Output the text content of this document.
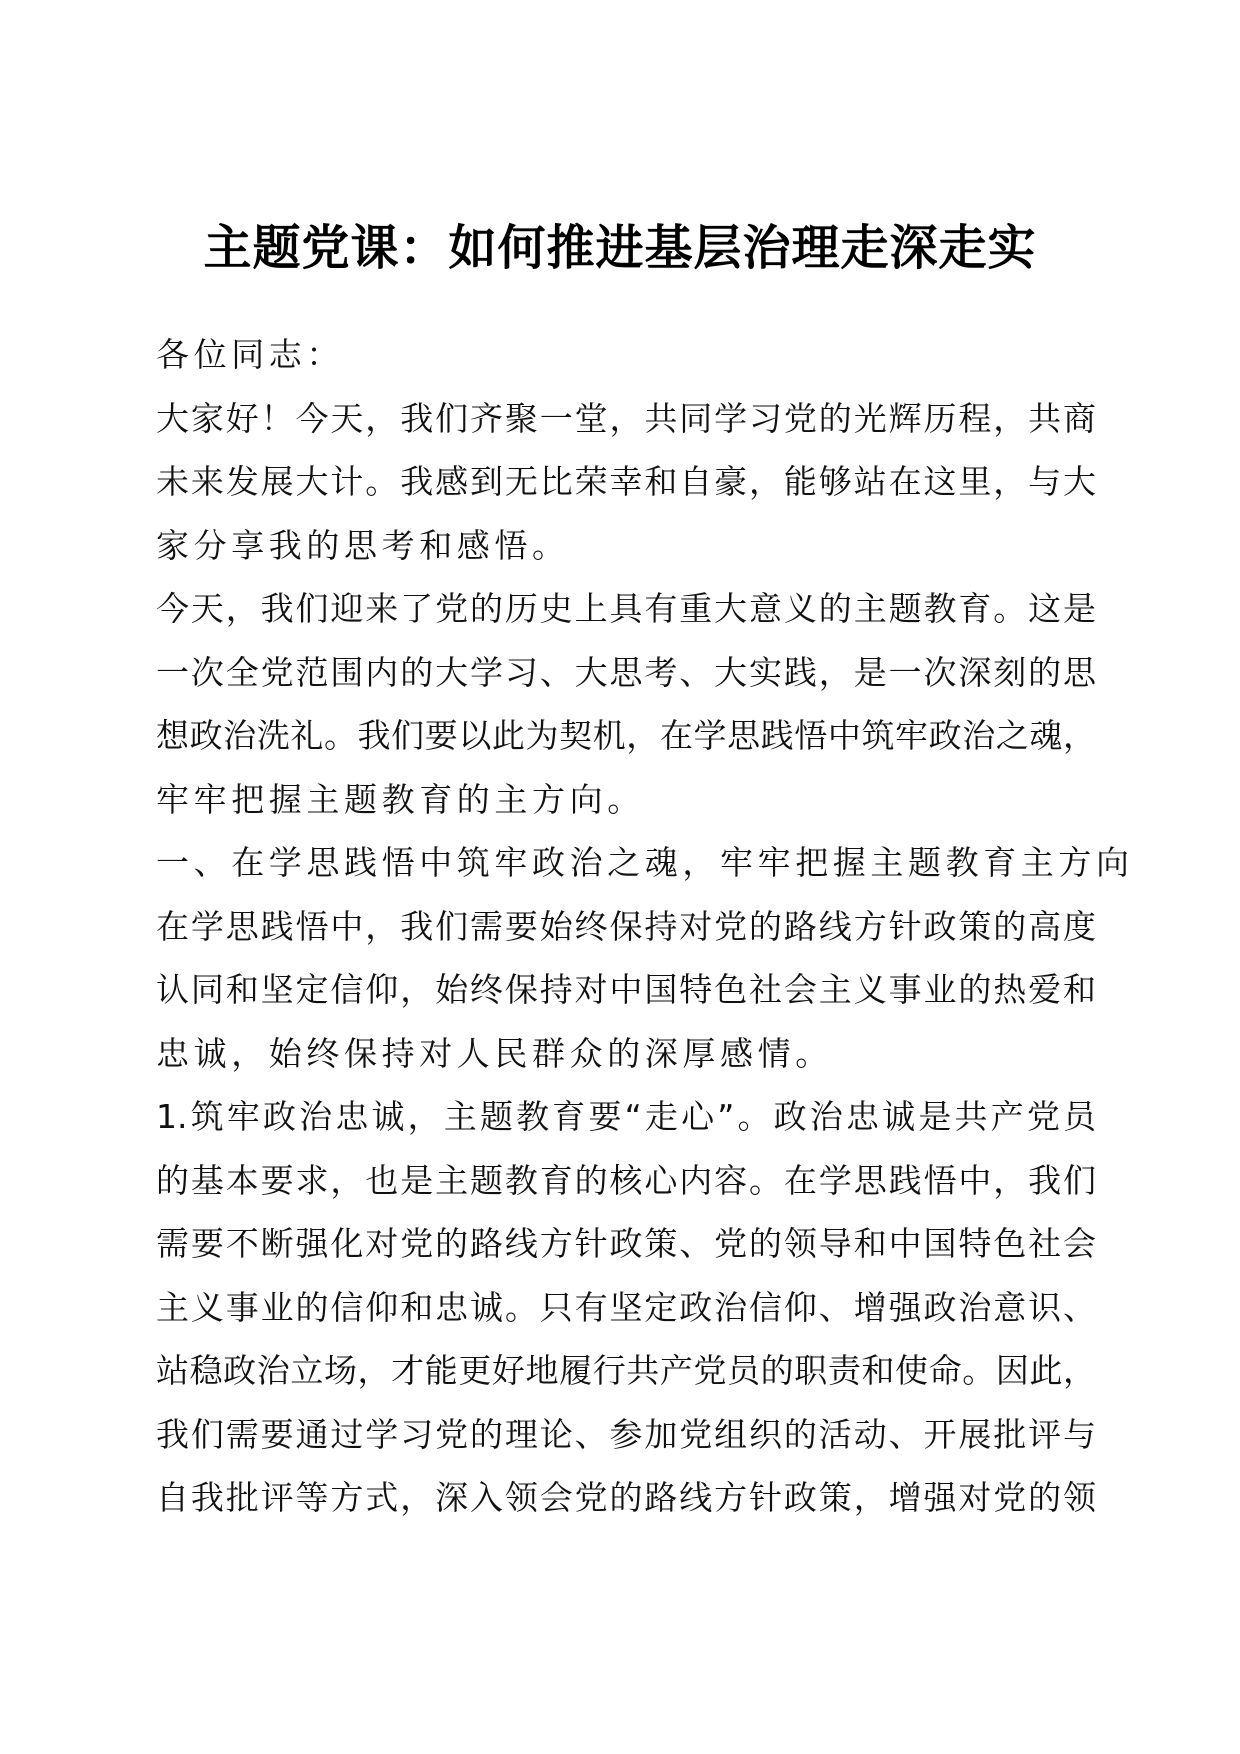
主题党课：如何推进基层治理走深走实
各位同志：
大家好！今天，我们齐聚一堂，共同学习党的光辉历程，共商
未来发展大计。我感到无比荣幸和自豪，能够站在这里，与大
家分享我的思考和感悟。
今天，我们迎来了党的历史上具有重大意义的主题教育。这是
一次全党范围内的大学习、大思考、大实践，是一次深刻的思
想政治洗礼。我们要以此为契机，在学思践悟中筑牢政治之魂，
牢牢把握主题教育的主方向。
一、在学思践悟中筑牢政治之魂，牢牢把握主题教育主方向
在学思践悟中，我们需要始终保持对党的路线方针政策的高度
认同和坚定信仰，始终保持对中国特色社会主义事业的热爱和
忠诚，始终保持对人民群众的深厚感情。
1.筑牢政治忠诚，主题教育要“走心”。政治忠诚是共产党员
的基本要求，也是主题教育的核心内容。在学思践悟中，我们
需要不断强化对党的路线方针政策、党的领导和中国特色社会
主义事业的信仰和忠诚。只有坚定政治信仰、增强政治意识、
站稳政治立场，才能更好地履行共产党员的职责和使命。因此，
我们需要通过学习党的理论、参加党组织的活动、开展批评与
自我批评等方式，深入领会党的路线方针政策，增强对党的领
